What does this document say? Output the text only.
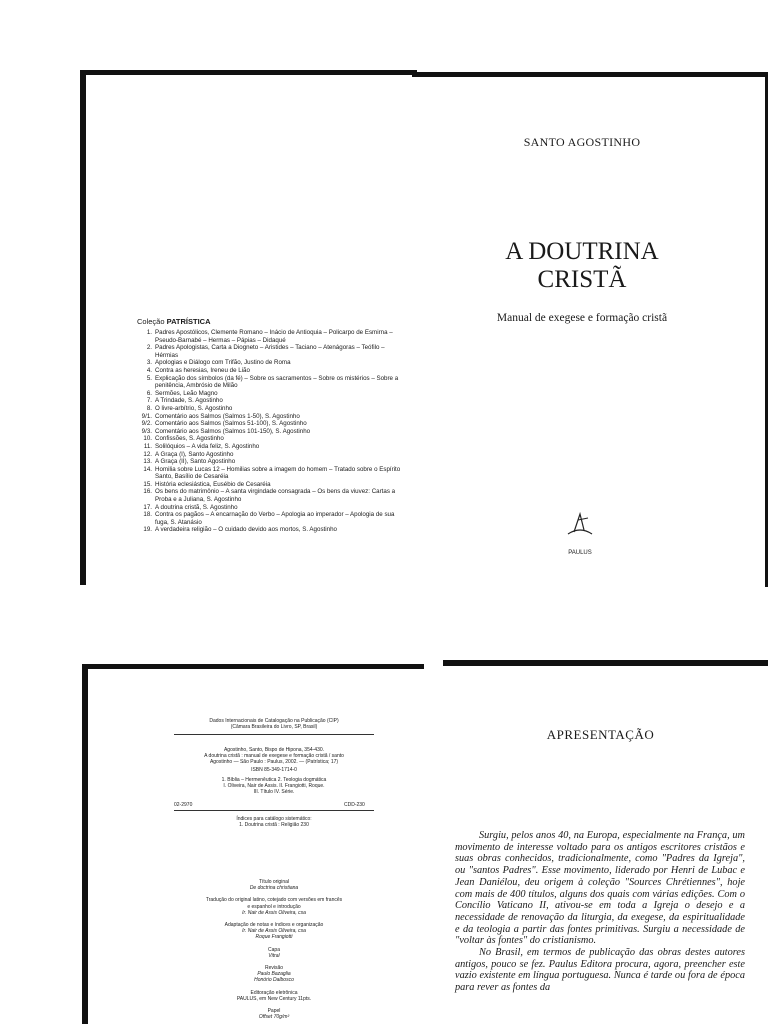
Coleção PATRÍSTICA
1. Padres Apostólicos, Clemente Romano – Inácio de Antioquia – Policarpo de Esmirna – Pseudo-Barnabé – Hermas – Pápias – Didaqué
2. Padres Apologistas, Carta a Diogneto – Aristides – Taciano – Atenágoras – Teófilo – Hérmias
3. Apologias e Diálogo com Trifão, Justino de Roma
4. Contra as heresias, Ireneu de Lião
5. Explicação dos símbolos (da fé) – Sobre os sacramentos – Sobre os mistérios – Sobre a penitência, Ambrósio de Milão
6. Sermões, Leão Magno
7. A Trindade, S. Agostinho
8. O livre-arbítrio, S. Agostinho
9/1. Comentário aos Salmos (Salmos 1-50), S. Agostinho
9/2. Comentário aos Salmos (Salmos 51-100), S. Agostinho
9/3. Comentário aos Salmos (Salmos 101-150), S. Agostinho
10. Confissões, S. Agostinho
11. Solilóquios – A vida feliz, S. Agostinho
12. A Graça (I), Santo Agostinho
13. A Graça (II), Santo Agostinho
14. Homilia sobre Lucas 12 – Homilias sobre a imagem do homem – Tratado sobre o Espírito Santo, Basílio de Cesaréia
15. História eclesiástica, Eusébio de Cesaréia
16. Os bens do matrimônio – A santa virgindade consagrada – Os bens da viuvez: Cartas a Proba e a Juliana, S. Agostinho
17. A doutrina cristã, S. Agostinho
18. Contra os pagãos – A encarnação do Verbo – Apologia ao imperador – Apologia de sua fuga, S. Atanásio
19. A verdadeira religião – O cuidado devido aos mortos, S. Agostinho
SANTO AGOSTINHO
A DOUTRINA
CRISTÃ
Manual de exegese e formação cristã
PAULUS
Dados Internacionais de Catalogação na Publicação (CIP)
(Câmara Brasileira do Livro, SP, Brasil)
Agostinho, Santo, Bispo de Hipona, 354-430.
A doutrina cristã : manual de exegese e formação cristã / santo
Agostinho — São Paulo : Paulus, 2002. — (Patrística; 17)
ISBN 85-349-1714-0
1. Bíblia – Hermenêutica 2. Teologia dogmática
I. Oliveira, Nair de Assis. II. Frangiotti, Roque.
III. Título IV. Série.
02-2970	CDD-230
Índices para catálogo sistemático:
1. Doutrina cristã : Religião 230
Título original
De doctrina christiana
Tradução do original latino, cotejado com versões em francês
e espanhol e introdução
Ir. Nair de Assis Oliveira, csa
Adaptação de notas e índices e organização
Ir. Nair de Assis Oliveira, csa
Roque Frangiotti
Capa
Vitral
Revisão
Paulo Bazaglia
Honório Dalbosco
Editoração eletrônica
PAULUS, em New Century 11pts.
Papel
Offset 70g/m²
APRESENTAÇÃO

Surgiu, pelos anos 40, na Europa, especialmente na França, um movimento de interesse voltado para os antigos escritores cristãos e suas obras conhecidos, tradicionalmente, como "Padres da Igreja", ou "santos Padres". Esse movimento, liderado por Henri de Lubac e Jean Daniélou, deu origem à coleção "Sources Chrétiennes", hoje com mais de 400 títulos, alguns dos quais com várias edições. Com o Concílio Vaticano II, ativou-se em toda a Igreja o desejo e a necessidade de renovação da liturgia, da exegese, da espiritualidade e da teologia a partir das fontes primitivas. Surgiu a necessidade de "voltar às fontes" do cristianismo.

No Brasil, em termos de publicação das obras destes autores antigos, pouco se fez. Paulus Editora procura, agora, preencher este vazio existente em língua portuguesa. Nunca é tarde ou fora de época para rever as fontes da
